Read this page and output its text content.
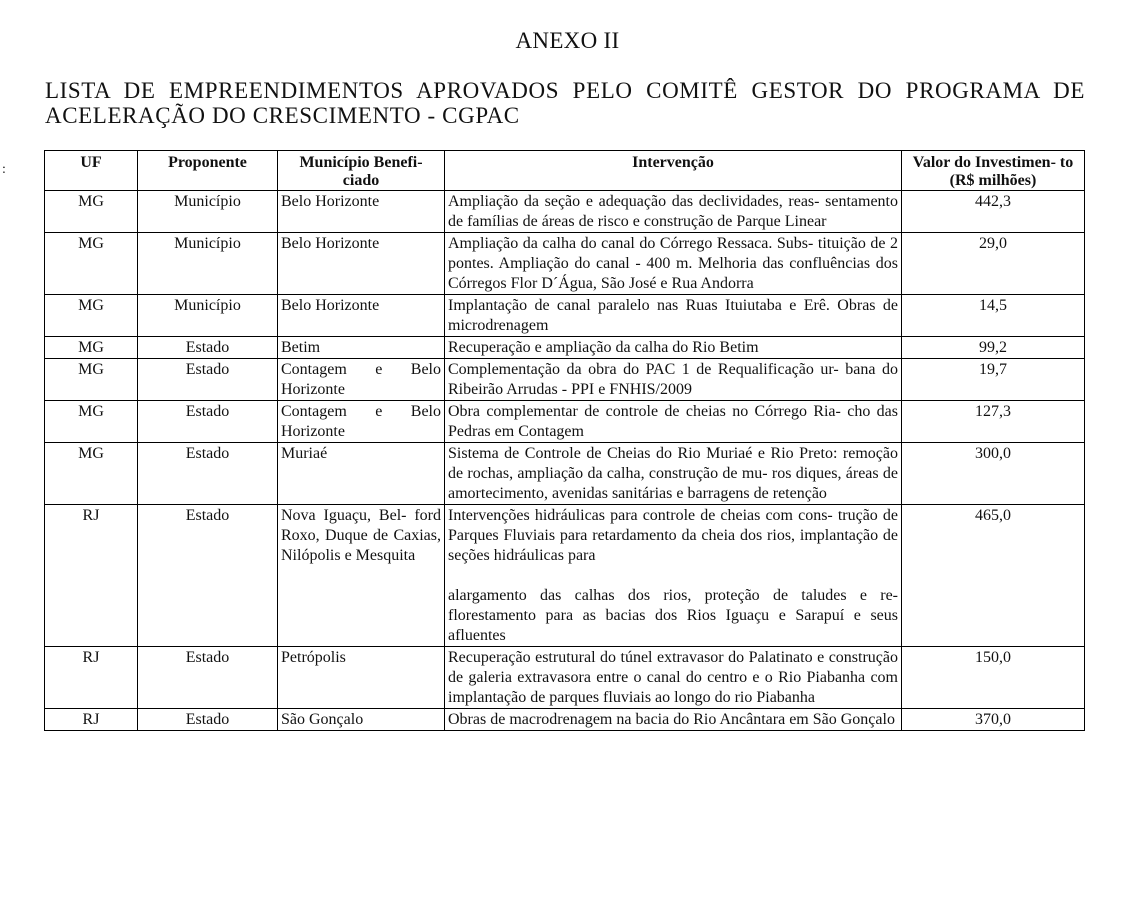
ANEXO II
LISTA DE EMPREENDIMENTOS APROVADOS PELO COMITÊ GESTOR DO PROGRAMA DE ACELERAÇÃO DO CRESCIMENTO - CGPAC
:	UF	Proponente	Município Benefi- ciado	Intervenção	Valor do Investimen- to
(R$ milhões)
MG	Município	Belo Horizonte	Ampliação da seção e adequação das declividades, reas- sentamento de famílias de áreas de risco e construção de Parque Linear	442,3
MG	Município	Belo Horizonte	Ampliação da calha do canal do Córrego Ressaca. Subs- tituição de 2 pontes. Ampliação do canal - 400 m. Melhoria das confluências dos Córregos Flor D´Água, São José e Rua Andorra	29,0
MG	Município	Belo Horizonte	Implantação de canal paralelo nas Ruas Ituiutaba e Erê. Obras de microdrenagem	14,5
MG	Estado	Betim	Recuperação e ampliação da calha do Rio Betim	99,2
MG	Estado	Contagem e Belo Horizonte	Complementação da obra do PAC 1 de Requalificação ur- bana do Ribeirão Arrudas - PPI e FNHIS/2009	19,7
MG	Estado	Contagem e Belo Horizonte	Obra complementar de controle de cheias no Córrego Ria- cho das Pedras em Contagem	127,3
MG	Estado	Muriaé	Sistema de Controle de Cheias do Rio Muriaé e Rio Preto: remoção de rochas, ampliação da calha, construção de mu- ros diques, áreas de amortecimento, avenidas sanitárias e barragens de retenção	300,0
RJ	Estado	Nova Iguaçu, Bel- ford Roxo, Duque de Caxias, Nilópolis e Mesquita	Intervenções hidráulicas para controle de cheias com cons- trução de Parques Fluviais para retardamento da cheia dos rios, implantação de seções hidráulicas para
alargamento das calhas dos rios, proteção de taludes e re- florestamento para as bacias dos Rios Iguaçu e Sarapuí e seus afluentes	465,0
RJ	Estado	Petrópolis	Recuperação estrutural do túnel extravasor do Palatinato e construção de galeria extravasora entre o canal do centro e o Rio Piabanha com implantação de parques fluviais ao longo do rio Piabanha	150,0
RJ	Estado	São Gonçalo	Obras de macrodrenagem na bacia do Rio Ancântara em São Gonçalo	370,0
